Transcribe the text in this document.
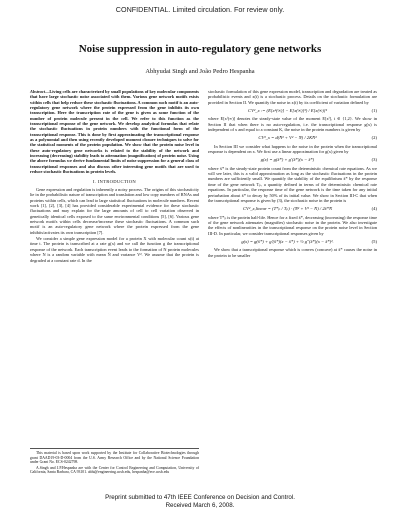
CONFIDENTIAL. Limited circulation. For review only.
Noise suppression in auto-regulatory gene networks
Abhyudai Singh and João Pedro Hespanha

Abstract—Living cells are characterized by small populations of key molecular components that have large stochastic noise associated with them. Various gene network motifs exists within cells that help reduce these stochastic fluctuations. A common such motif is an auto-regulatory gene network where the protein expressed from the gene inhibits its own transcription. Here the transcription rate of the gene is given as some function of the number of protein molecule present in the cell. We refer to this function as the transcriptional response of the gene network. We develop analytical formulas that relate the stochastic fluctuations in protein numbers with the functional form of the transcriptional response. This is done by first approximating the transcriptional response as a polynomial and then using recently developed moment closure techniques to solve for the statistical moments of the protein population. We show that the protein noise level in these auto-regulatory gene networks is related to the stability of the network and increasing (decreasing) stability leads to attenuation (magnification) of protein noise. Using the above formulas we derive fundamental limits of noise suppression for a general class of transcriptional responses and also discuss other interesting gene motifs that are used to reduce stochastic fluctuations in protein levels.

I. INTRODUCTION

Gene expression and regulation is inherently a noisy process. The origins of this stochasticity lie in the probabilistic nature of transcription and translation and low copy numbers of RNAs and proteins within cells, which can lead to large statistical fluctuations in molecule numbers. Recent work [1], [2], [3], [4] has provided considerable experimental evidence for these stochastic fluctuations and may explain for the large amounts of cell to cell variation observed in genetically identical cells exposed to the same environmental conditions [5], [6]. Various gene network motifs within cells decrease/increase these stochastic fluctuations. A common such motif is an auto-regulatory gene network where the protein expressed from the gene inhibits/activates its own transcription [7].

We consider a simple gene expression model for a protein X with molecular count x(t) at time t. The protein is transcribed at a rate g(x) and we call the function g the transcriptional response of the network. Each transcription event leads to the formation of N protein molecules where N is a random variable with mean N̄ and variance V². We assume that the protein is degraded at a constant rate d. In the

This material is based upon work supported by the Institute for Collaborative Biotechnologies through grant DAAD19-03-D-0004 from the U.S. Army Research Office and by the National Science Foundation under Grant No. ECS-0242798.

A.Singh and J.P.Hespanha are with the Center for Control Engineering and Computation, University of California, Santa Barbara, CA 93101. abhi@engineering.ucsb.edu, hespanha@ece.ucsb.edu

stochastic formulation of this gene expression model, transcription and degradation are treated as probabilistic events and x(t) is a stochastic process. Details on the stochastic formulation are provided in Section II. We quantify the noise in x(t) by its coefficient of variation defined by

CV²_x := (E[x²(∞)] − E[x(∞)]²) / E[x(∞)]²	(1)

where E[xⁱ(∞)] denotes the steady-state value of the moment E[xⁱ], i ∈ {1,2}. We show in Section II that when there is no auto-regulation, i.e. the transcriptional response g(x) is independent of x and equal to a constant K, the noise in the protein numbers is given by

CV²_x = d(N̄² + V² − N̄) / 2KN̄²	(2)

In Section III we consider what happens to the noise in the protein when the transcriptional response is dependent on x. We first use a linear approximation for g(x) given by

g(x) = g(x̄*) + g′(x̄*)(x − x̄*)	(3)

where x̄* is the steady-state protein count from the deterministic chemical rate equations. As we will see later, this is a valid approximation as long as the stochastic fluctuations in the protein numbers are sufficiently small. We quantify the stability of the equilibrium x̄* by the response time of the gene network Tₚ, a quantity defined in terms of the deterministic chemical rate equations. In particular, the response time of the gene network is the time taken for any initial perturbation about x̄* to decay by 50% of its initial value. We show in Section III-C that when the transcriptional response is given by (3), the stochastic noise in the protein is

CV²_x,linear = (T*ₚ / Tₚ) · (N̄² + V² − N̄) / 2x̄*N̄	(4)

where T*ₚ is the protein half-life. Hence for a fixed x̄*, decreasing (increasing) the response time of the gene network attenuates (magnifies) stochastic noise in the protein. We also investigate the effects of nonlinearities in the transcriptional response on the protein noise level in Section III-D. In particular, we consider transcriptional responses given by

g(x) = g(x̄*) + g′(x̄*)(x − x̄*) + ½ g″(x̄*)(x − x̄*)².	(5)

We show that a transcriptional response which is convex (concave) at x̄* causes the noise in the protein to be smaller

Preprint submitted to 47th IEEE Conference on Decision and Control.
Received March 6, 2008.
